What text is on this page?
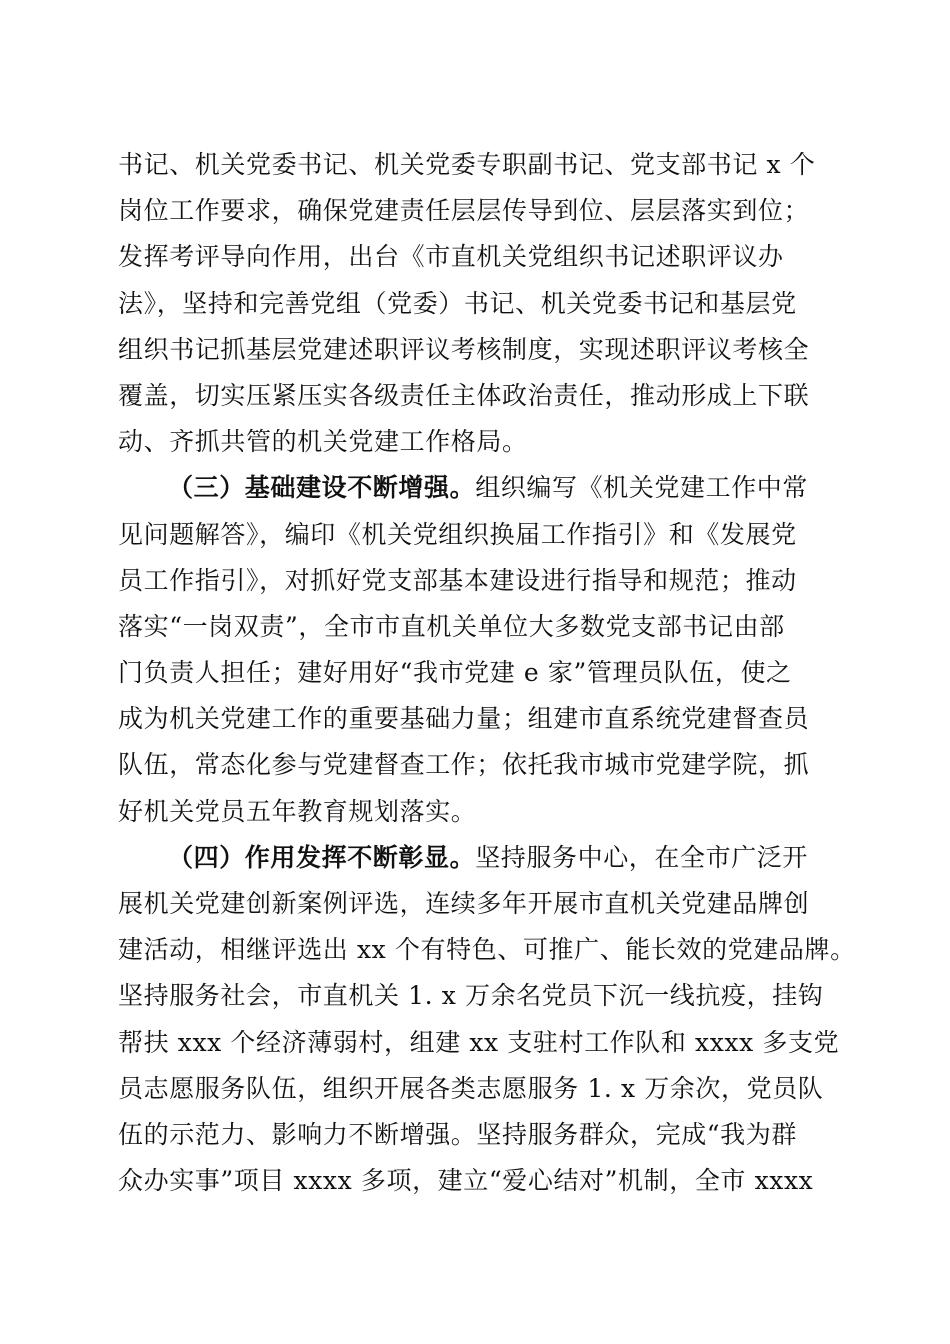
书记、机关党委书记、机关党委专职副书记、党支部书记 x 个
岗位工作要求，确保党建责任层层传导到位、层层落实到位；
发挥考评导向作用，出台《市直机关党组织书记述职评议办
法》，坚持和完善党组（党委）书记、机关党委书记和基层党
组织书记抓基层党建述职评议考核制度，实现述职评议考核全
覆盖，切实压紧压实各级责任主体政治责任，推动形成上下联
动、齐抓共管的机关党建工作格局。
（三）基础建设不断增强。组织编写《机关党建工作中常
见问题解答》，编印《机关党组织换届工作指引》和《发展党
员工作指引》，对抓好党支部基本建设进行指导和规范；推动
落实“一岗双责”，全市市直机关单位大多数党支部书记由部
门负责人担任；建好用好“我市党建 e 家”管理员队伍，使之
成为机关党建工作的重要基础力量；组建市直系统党建督查员
队伍，常态化参与党建督查工作；依托我市城市党建学院，抓
好机关党员五年教育规划落实。
（四）作用发挥不断彰显。坚持服务中心，在全市广泛开
展机关党建创新案例评选，连续多年开展市直机关党建品牌创
建活动，相继评选出 xx 个有特色、可推广、能长效的党建品牌。
坚持服务社会，市直机关 1. x 万余名党员下沉一线抗疫，挂钩
帮扶 xxx 个经济薄弱村，组建 xx 支驻村工作队和 xxxx 多支党
员志愿服务队伍，组织开展各类志愿服务 1. x 万余次，党员队
伍的示范力、影响力不断增强。坚持服务群众，完成“我为群
众办实事”项目 xxxx 多项，建立“爱心结对”机制，全市 xxxx
